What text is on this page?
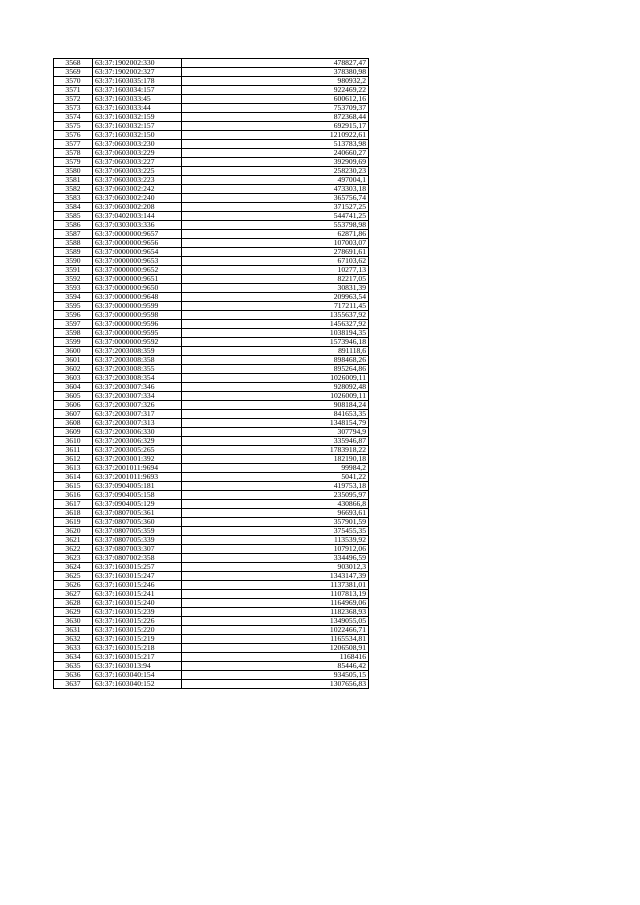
3568	63:37:1902002:330	478827,47
3569	63:37:1902002:327	378380,98
3570	63:37:1603035:178	980932,2
3571	63:37:1603034:157	922469,22
3572	63:37:1603033:45	600612,16
3573	63:37:1603033:44	753709,37
3574	63:37:1603032:159	872368,44
3575	63:37:1603032:157	692915,17
3576	63:37:1603032:150	1210922,61
3577	63:37:0603003:230	513783,98
3578	63:37:0603003:229	240660,27
3579	63:37:0603003:227	392909,69
3580	63:37:0603003:225	258230,23
3581	63:37:0603003:223	497004,1
3582	63:37:0603002:242	473303,18
3583	63:37:0603002:240	365756,74
3584	63:37:0603002:208	371527,25
3585	63:37:0402003:144	544741,25
3586	63:37:0303003:336	553798,98
3587	63:37:0000000:9657	62871,86
3588	63:37:0000000:9656	107003,07
3589	63:37:0000000:9654	278691,61
3590	63:37:0000000:9653	67103,62
3591	63:37:0000000:9652	10277,13
3592	63:37:0000000:9651	82217,05
3593	63:37:0000000:9650	30831,39
3594	63:37:0000000:9648	209963,54
3595	63:37:0000000:9599	717211,45
3596	63:37:0000000:9598	1355637,92
3597	63:37:0000000:9596	1456327,92
3598	63:37:0000000:9595	1038194,35
3599	63:37:0000000:9592	1573946,18
3600	63:37:2003008:359	891118,6
3601	63:37:2003008:358	898468,26
3602	63:37:2003008:355	895264,86
3603	63:37:2003008:354	1026009,11
3604	63:37:2003007:346	928092,48
3605	63:37:2003007:334	1026009,11
3606	63:37:2003007:326	908184,24
3607	63:37:2003007:317	841653,35
3608	63:37:2003007:313	1348154,79
3609	63:37:2003006:330	307794,9
3610	63:37:2003006:329	335946,87
3611	63:37:2003005:265	1783918,22
3612	63:37:2003001:392	182190,18
3613	63:37:2001011:9694	99984,2
3614	63:37:2001011:9693	5041,22
3615	63:37:0904005:181	419753,18
3616	63:37:0904005:158	235095,97
3617	63:37:0904005:129	430866,8
3618	63:37:0807005:361	96693,61
3619	63:37:0807005:360	357901,59
3620	63:37:0807005:359	375455,35
3621	63:37:0807005:339	113539,92
3622	63:37:0807003:307	107912,06
3623	63:37:0807002:358	334496,59
3624	63:37:1603015:257	903012,3
3625	63:37:1603015:247	1343147,39
3626	63:37:1603015:246	1137381,01
3627	63:37:1603015:241	1107813,19
3628	63:37:1603015:240	1164969,06
3629	63:37:1603015:239	1182368,93
3630	63:37:1603015:226	1349055,05
3631	63:37:1603015:220	1022466,71
3632	63:37:1603015:219	1165534,81
3633	63:37:1603015:218	1206508,91
3634	63:37:1603015:217	1168416
3635	63:37:1603013:94	85446,42
3636	63:37:1603040:154	934505,15
3637	63:37:1603040:152	1307656,83
